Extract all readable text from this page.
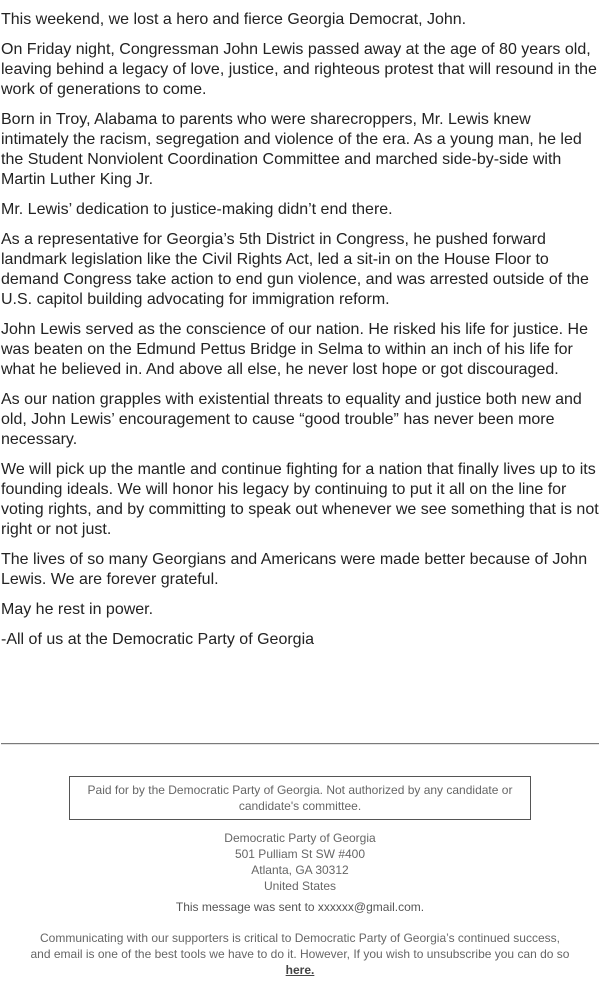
This weekend, we lost a hero and fierce Georgia Democrat, John.

On Friday night, Congressman John Lewis passed away at the age of 80 years old, leaving behind a legacy of love, justice, and righteous protest that will resound in the work of generations to come.

Born in Troy, Alabama to parents who were sharecroppers, Mr. Lewis knew intimately the racism, segregation and violence of the era. As a young man, he led the Student Nonviolent Coordination Committee and marched side-by-side with Martin Luther King Jr.

Mr. Lewis’ dedication to justice-making didn’t end there.

As a representative for Georgia’s 5th District in Congress, he pushed forward landmark legislation like the Civil Rights Act, led a sit-in on the House Floor to demand Congress take action to end gun violence, and was arrested outside of the U.S. capitol building advocating for immigration reform.

John Lewis served as the conscience of our nation. He risked his life for justice. He was beaten on the Edmund Pettus Bridge in Selma to within an inch of his life for what he believed in. And above all else, he never lost hope or got discouraged.

As our nation grapples with existential threats to equality and justice both new and old, John Lewis’ encouragement to cause “good trouble” has never been more necessary.

We will pick up the mantle and continue fighting for a nation that finally lives up to its founding ideals. We will honor his legacy by continuing to put it all on the line for voting rights, and by committing to speak out whenever we see something that is not right or not just.

The lives of so many Georgians and Americans were made better because of John Lewis. We are forever grateful.

May he rest in power.

-All of us at the Democratic Party of Georgia

Paid for by the Democratic Party of Georgia. Not authorized by any candidate or candidate's committee.
Democratic Party of Georgia
501 Pulliam St SW #400
Atlanta, GA 30312
United States
This message was sent to xxxxxx@gmail.com.
Communicating with our supporters is critical to Democratic Party of Georgia’s continued success, and email is one of the best tools we have to do it. However, If you wish to unsubscribe you can do so here.
